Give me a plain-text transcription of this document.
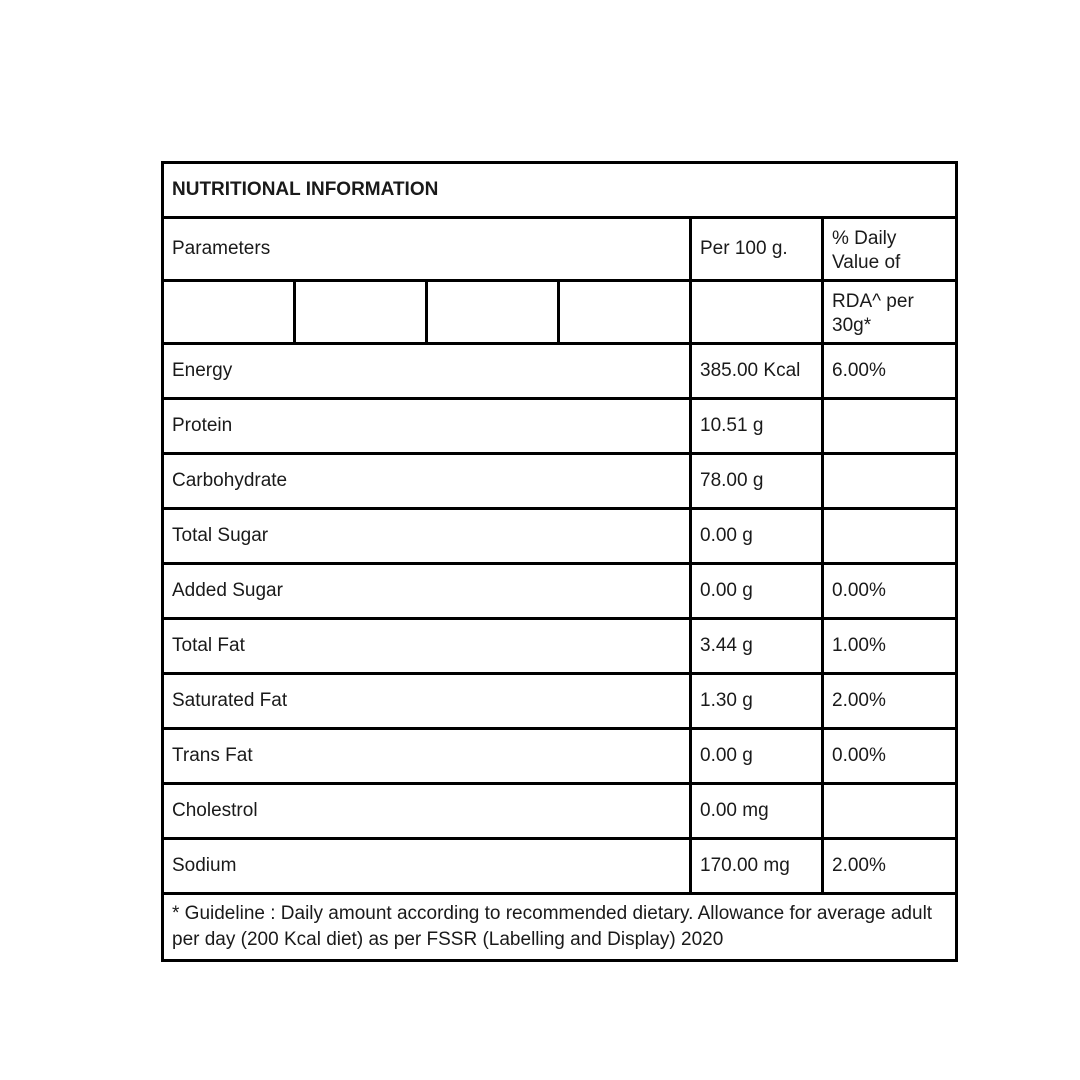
NUTRITIONAL INFORMATION					
Parameters				Per 100 g.	% Daily Value of
					RDA^ per 30g*
Energy				385.00 Kcal	6.00%
Protein				10.51 g	
Carbohydrate				78.00 g	
Total Sugar				0.00 g	
Added Sugar				0.00 g	0.00%
Total Fat				3.44 g	1.00%
Saturated Fat				1.30 g	2.00%
Trans Fat				0.00 g	0.00%
Cholestrol				0.00 mg	
Sodium				170.00 mg	2.00%
* Guideline : Daily amount according to recommended dietary. Allowance for average adult per day (200 Kcal diet) as per FSSR (Labelling and Display) 2020					
